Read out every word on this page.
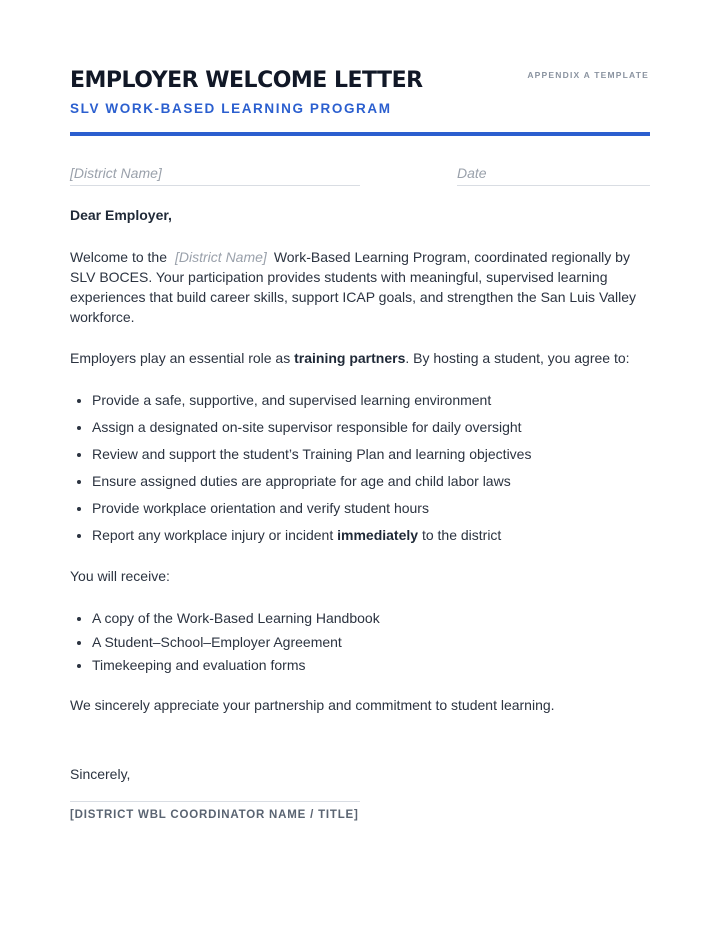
EMPLOYER WELCOME LETTER
SLV WORK-BASED LEARNING PROGRAM
APPENDIX A TEMPLATE
[District Name]	Date

Dear Employer,

Welcome to the [District Name] Work-Based Learning Program, coordinated regionally by SLV BOCES. Your participation provides students with meaningful, supervised learning experiences that build career skills, support ICAP goals, and strengthen the San Luis Valley workforce.

Employers play an essential role as training partners. By hosting a student, you agree to:

• Provide a safe, supportive, and supervised learning environment
• Assign a designated on-site supervisor responsible for daily oversight
• Review and support the student’s Training Plan and learning objectives
• Ensure assigned duties are appropriate for age and child labor laws
• Provide workplace orientation and verify student hours
• Report any workplace injury or incident immediately to the district

You will receive:

• A copy of the Work-Based Learning Handbook
• A Student–School–Employer Agreement
• Timekeeping and evaluation forms

We sincerely appreciate your partnership and commitment to student learning.

Sincerely,

[DISTRICT WBL COORDINATOR NAME / TITLE]
